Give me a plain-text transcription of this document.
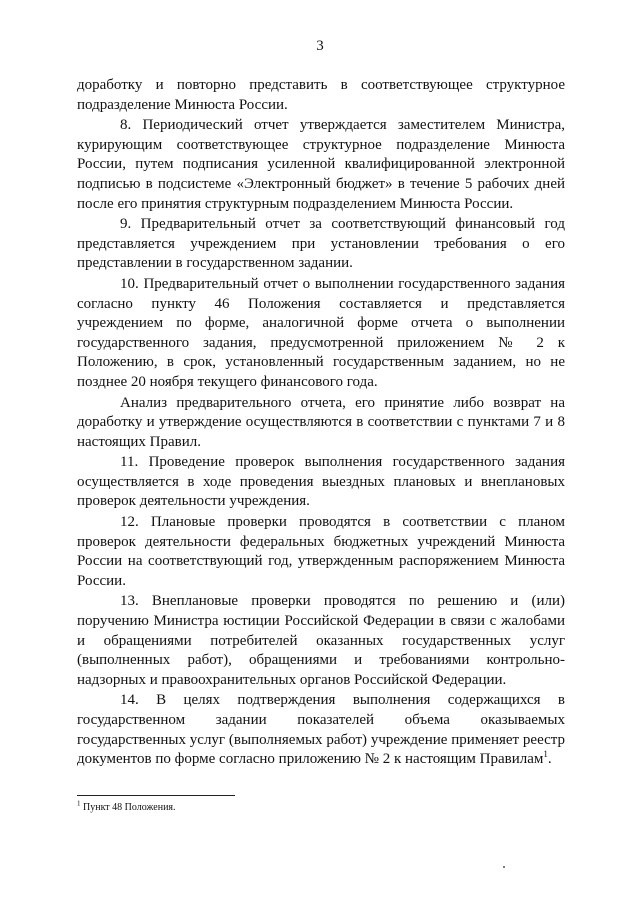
3

доработку и повторно представить в соответствующее структурное подразделение Минюста России.

8. Периодический отчет утверждается заместителем Министра, курирующим соответствующее структурное подразделение Минюста России, путем подписания усиленной квалифицированной электронной подписью в подсистеме «Электронный бюджет» в течение 5 рабочих дней после его принятия структурным подразделением Минюста России.

9. Предварительный отчет за соответствующий финансовый год представляется учреждением при установлении требования о его представлении в государственном задании.

10. Предварительный отчет о выполнении государственного задания согласно пункту 46 Положения составляется и представляется учреждением по форме, аналогичной форме отчета о выполнении государственного задания, предусмотренной приложением № 2 к Положению, в срок, установленный государственным заданием, но не позднее 20 ноября текущего финансового года.

Анализ предварительного отчета, его принятие либо возврат на доработку и утверждение осуществляются в соответствии с пунктами 7 и 8 настоящих Правил.

11. Проведение проверок выполнения государственного задания осуществляется в ходе проведения выездных плановых и внеплановых проверок деятельности учреждения.

12. Плановые проверки проводятся в соответствии с планом проверок деятельности федеральных бюджетных учреждений Минюста России на соответствующий год, утвержденным распоряжением Минюста России.

13. Внеплановые проверки проводятся по решению и (или) поручению Министра юстиции Российской Федерации в связи с жалобами и обращениями потребителей оказанных государственных услуг (выполненных работ), обращениями и требованиями контрольно-надзорных и правоохранительных органов Российской Федерации.

14. В целях подтверждения выполнения содержащихся в государственном задании показателей объема оказываемых государственных услуг (выполняемых работ) учреждение применяет реестр документов по форме согласно приложению № 2 к настоящим Правилам$^1$.

$^1$ Пункт 48 Положения.
